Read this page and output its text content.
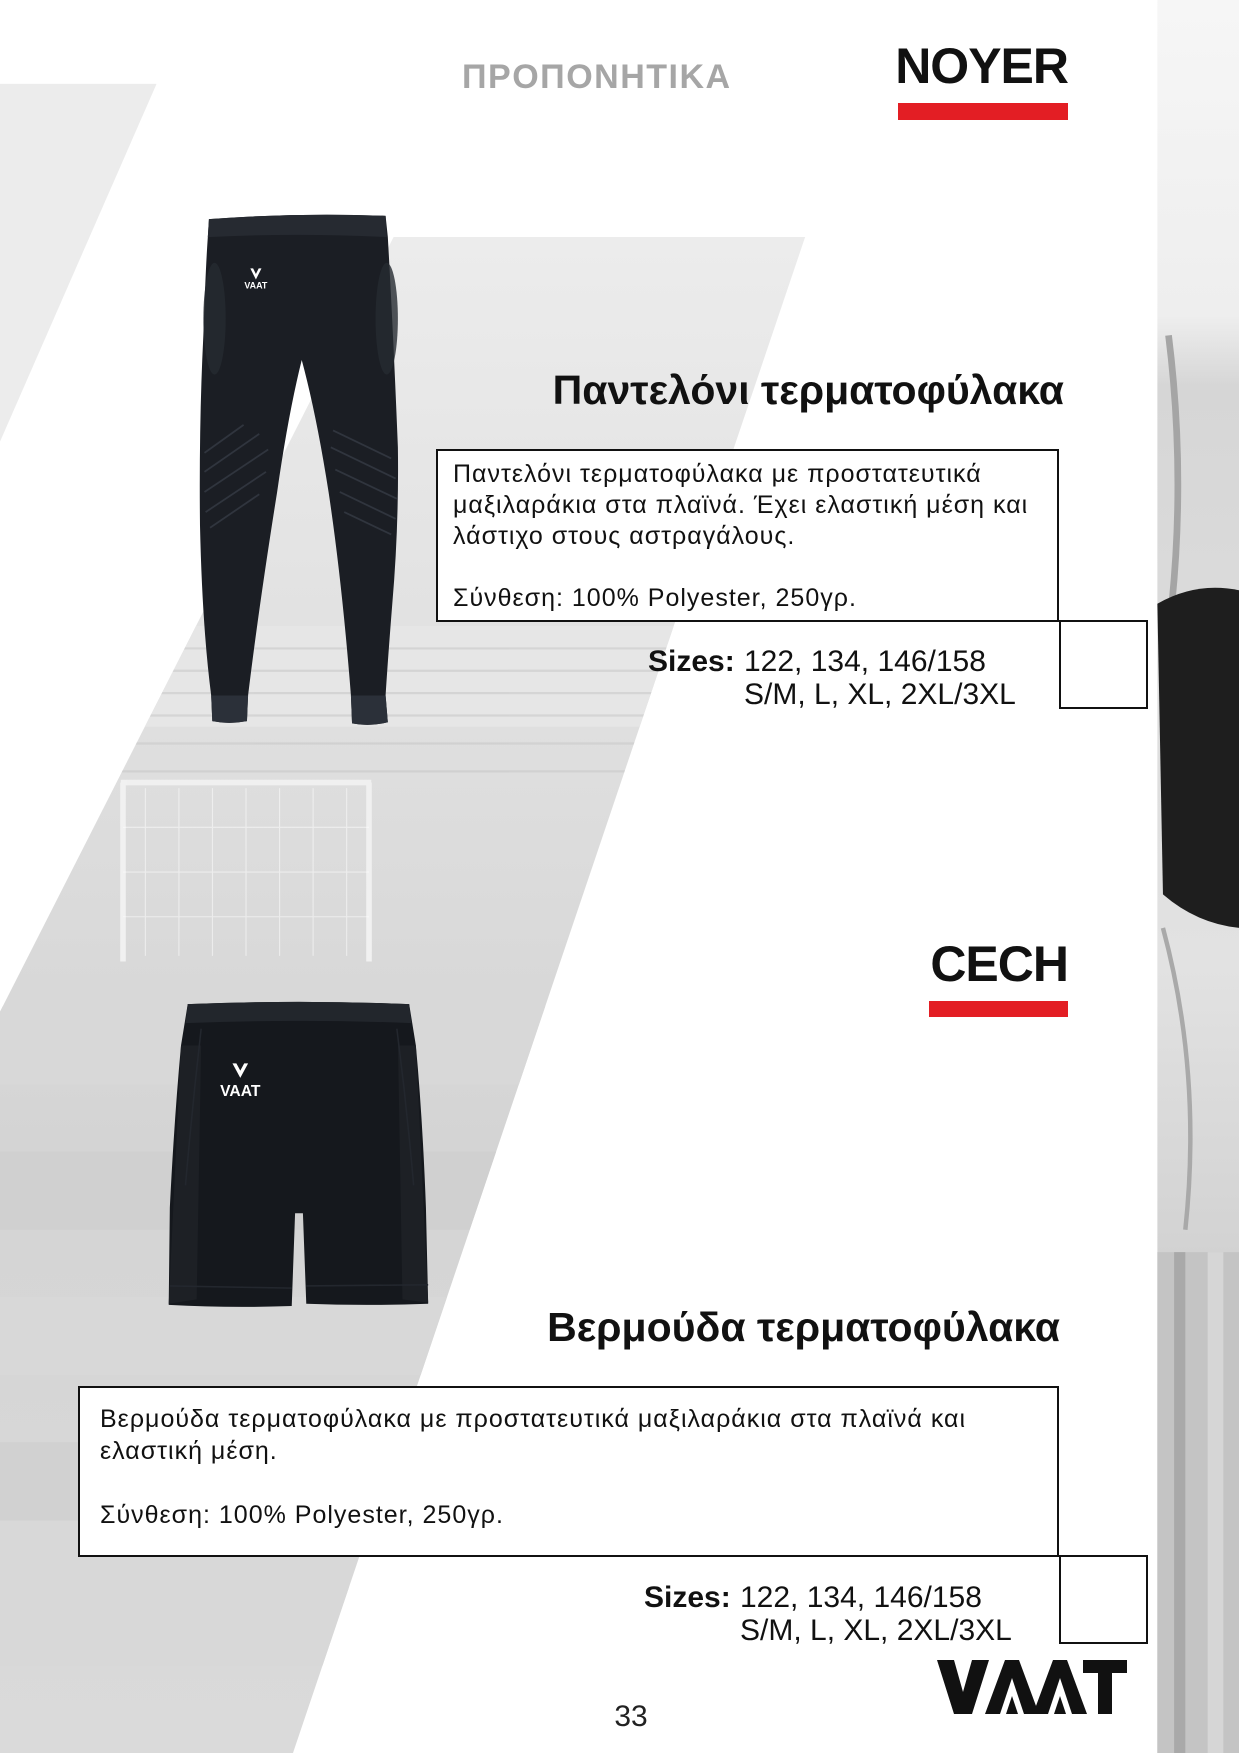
ΠΡΟΠΟΝΗΤΙΚΑ	NOYER
VAAT
Παντελόνι τερματοφύλακα
Παντελόνι τερματοφύλακα με προστατευτικά
μαξιλαράκια στα πλαϊνά. Έχει ελαστική μέση και
λάστιχο στους αστραγάλους.
Σύνθεση: 100% Polyester, 250γρ.
Sizes: 122, 134, 146/158
S/M, L, XL, 2XL/3XL
CECH
VAAT
Βερμούδα τερματοφύλακα
Βερμούδα τερματοφύλακα με προστατευτικά μαξιλαράκια στα πλαϊνά και
ελαστική μέση.
Σύνθεση: 100% Polyester, 250γρ.
Sizes: 122, 134, 146/158
S/M, L, XL, 2XL/3XL
33
